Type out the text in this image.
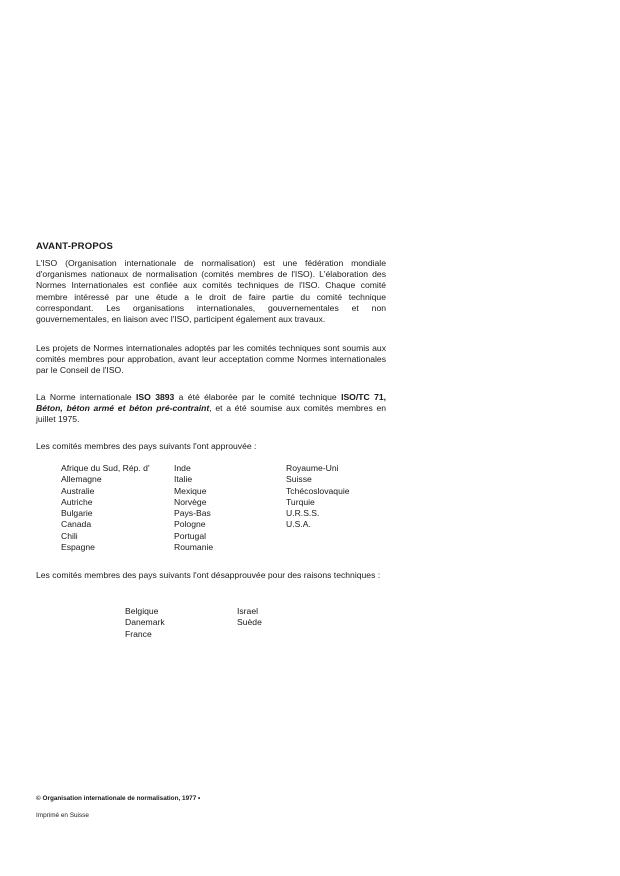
AVANT-PROPOS

L'ISO (Organisation internationale de normalisation) est une fédération mondiale d'organismes nationaux de normalisation (comités membres de l'ISO). L'élaboration des Normes Internationales est confiée aux comités techniques de l'ISO. Chaque comité membre intéressé par une étude a le droit de faire partie du comité technique correspondant. Les organisations internationales, gouvernementales et non gouvernementales, en liaison avec l'ISO, participent également aux travaux.

Les projets de Normes internationales adoptés par les comités techniques sont soumis aux comités membres pour approbation, avant leur acceptation comme Normes internationales par le Conseil de l'ISO.

La Norme internationale ISO 3893 a été élaborée par le comité technique ISO/TC 71, Béton, béton armé et béton pré-contraint, et a été soumise aux comités membres en juillet 1975.

Les comités membres des pays suivants l'ont approuvée :

Afrique du Sud, Rép. d'
Allemagne
Australie
Autriche
Bulgarie
Canada
Chili
Espagne
Inde
Italie
Mexique
Norvège
Pays-Bas
Pologne
Portugal
Roumanie
Royaume-Uni
Suisse
Tchécoslovaquie
Turquie
U.R.S.S.
U.S.A.

Les comités membres des pays suivants l'ont désapprouvée pour des raisons techniques :

Belgique
Danemark
France
Israel
Suède
© Organisation internationale de normalisation, 1977 •
Imprimé en Suisse
